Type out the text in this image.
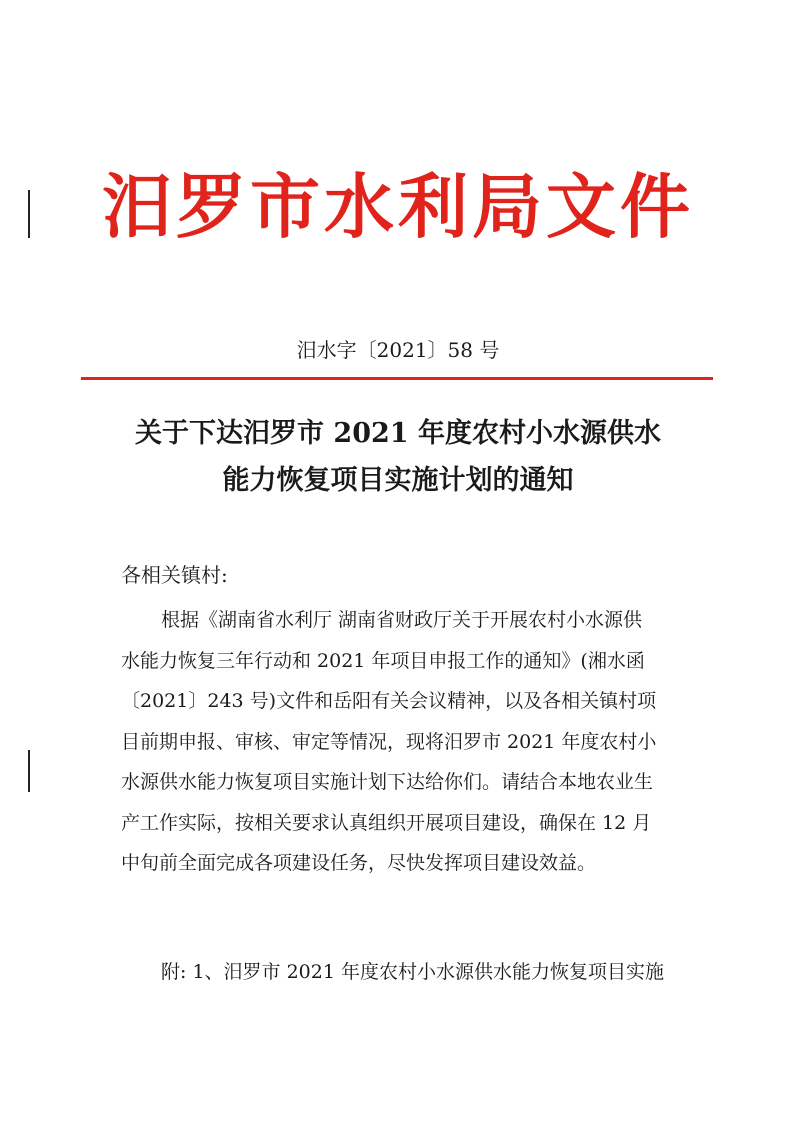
汨罗市水利局文件
汨水字〔2021〕58 号
关于下达汨罗市 2021 年度农村小水源供水
能力恢复项目实施计划的通知
各相关镇村:
根据《湖南省水利厅 湖南省财政厅关于开展农村小水源供
水能力恢复三年行动和 2021 年项目申报工作的通知》(湘水函
〔2021〕243 号)文件和岳阳有关会议精神，以及各相关镇村项
目前期申报、审核、审定等情况，现将汨罗市 2021 年度农村小
水源供水能力恢复项目实施计划下达给你们。请结合本地农业生
产工作实际，按相关要求认真组织开展项目建设，确保在 12 月
中旬前全面完成各项建设任务，尽快发挥项目建设效益。
附: 1、汨罗市 2021 年度农村小水源供水能力恢复项目实施
